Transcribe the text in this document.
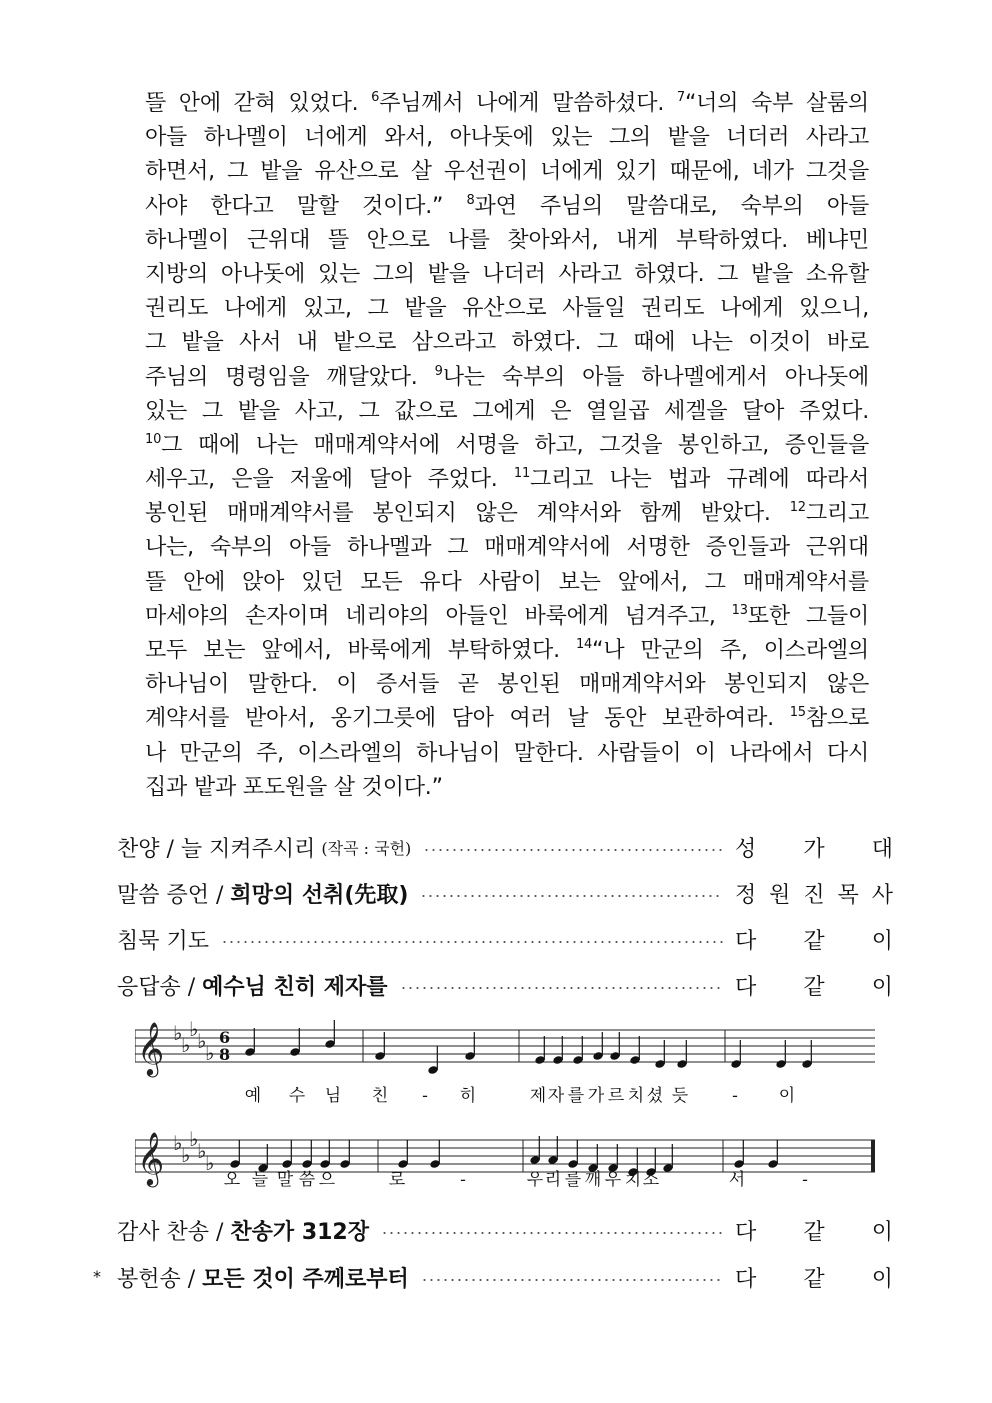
뜰 안에 갇혀 있었다. $^6$주님께서 나에게 말씀하셨다. $^7$“너의 숙부 살룸의
아들 하나멜이 너에게 와서, 아나돗에 있는 그의 밭을 너더러 사라고
하면서, 그 밭을 유산으로 살 우선권이 너에게 있기 때문에, 네가 그것을
사야 한다고 말할 것이다.” $^8$과연 주님의 말씀대로, 숙부의 아들
하나멜이 근위대 뜰 안으로 나를 찾아와서, 내게 부탁하였다. 베냐민
지방의 아나돗에 있는 그의 밭을 나더러 사라고 하였다. 그 밭을 소유할
권리도 나에게 있고, 그 밭을 유산으로 사들일 권리도 나에게 있으니,
그 밭을 사서 내 밭으로 삼으라고 하였다. 그 때에 나는 이것이 바로
주님의 명령임을 깨달았다. $^9$나는 숙부의 아들 하나멜에게서 아나돗에
있는 그 밭을 사고, 그 값으로 그에게 은 열일곱 세겔을 달아 주었다.
$^{10}$그 때에 나는 매매계약서에 서명을 하고, 그것을 봉인하고, 증인들을
세우고, 은을 저울에 달아 주었다. $^{11}$그리고 나는 법과 규례에 따라서
봉인된 매매계약서를 봉인되지 않은 계약서와 함께 받았다. $^{12}$그리고
나는, 숙부의 아들 하나멜과 그 매매계약서에 서명한 증인들과 근위대
뜰 안에 앉아 있던 모든 유다 사람이 보는 앞에서, 그 매매계약서를
마세야의 손자이며 네리야의 아들인 바룩에게 넘겨주고, $^{13}$또한 그들이
모두 보는 앞에서, 바룩에게 부탁하였다. $^{14}$“나 만군의 주, 이스라엘의
하나님이 말한다. 이 증서들 곧 봉인된 매매계약서와 봉인되지 않은
계약서를 받아서, 옹기그릇에 담아 여러 날 동안 보관하여라. $^{15}$참으로
나 만군의 주, 이스라엘의 하나님이 말한다. 사람들이 이 나라에서 다시
집과 밭과 포도원을 살 것이다.”
찬양 / 늘 지켜주시리 (작곡 : 국헌)	성 가 대
말씀 증언 / 희망의 선취(先取)	정 원 진 목 사
침묵 기도	다 같 이
응답송 / 예수님 친히 제자를	다 같 이
감사 찬송 / 찬송가 312장	다 같 이
봉헌송 / 모든 것이 주께로부터	다 같 이
*
𝄞 ♭
♭
♭
♭
♭
6
8
𝄞 ♭
♭
♭
♭
♭
예 수 님 친 - 히	제 자 를 가 르 치 셨 듯	- 이
오 늘 말 씀 으	로	-	우 리 를 깨 우 치 소	서	-
